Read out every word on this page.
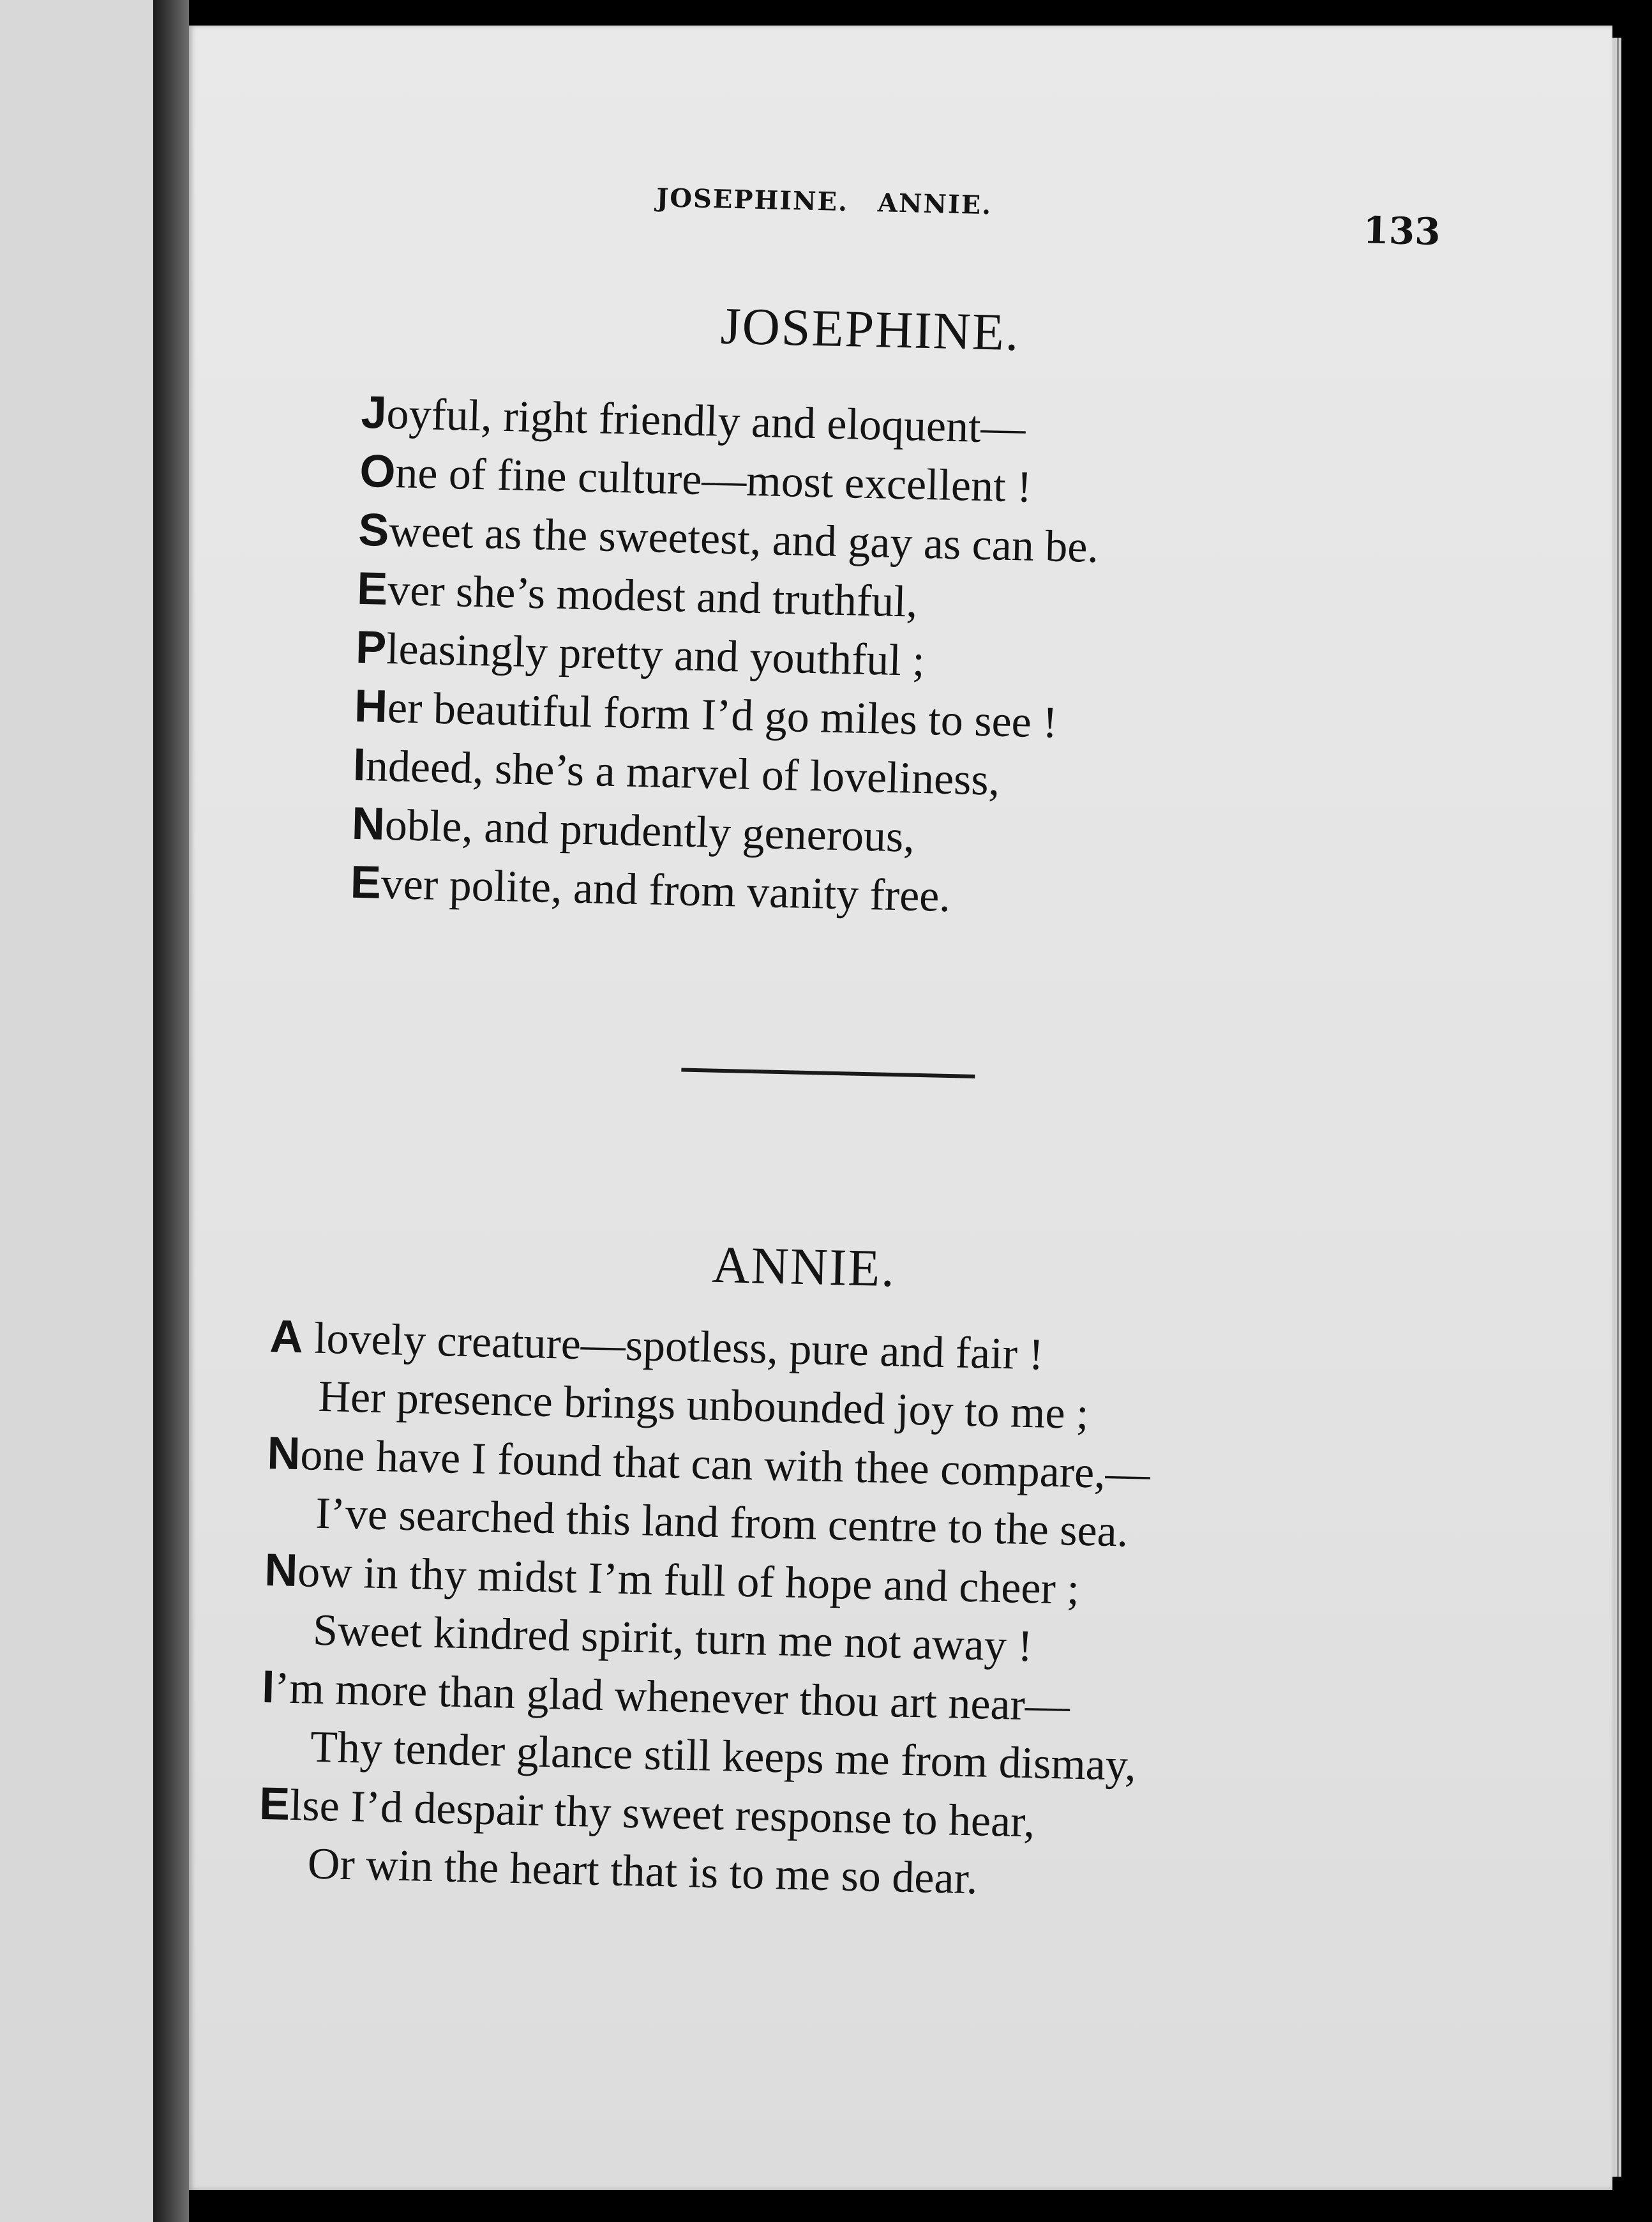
JOSEPHINE. ANNIE.
133
JOSEPHINE.
Joyful, right friendly and eloquent—
One of fine culture—most excellent !
Sweet as the sweetest, and gay as can be.
Ever she’s modest and truthful,
Pleasingly pretty and youthful ;
Her beautiful form I’d go miles to see !
Indeed, she’s a marvel of loveliness,
Noble, and prudently generous,
Ever polite, and from vanity free.
ANNIE.
A lovely creature—spotless, pure and fair !
Her presence brings unbounded joy to me ;
None have I found that can with thee compare,—
I’ve searched this land from centre to the sea.
Now in thy midst I’m full of hope and cheer ;
Sweet kindred spirit, turn me not away !
I’m more than glad whenever thou art near—
Thy tender glance still keeps me from dismay,
Else I’d despair thy sweet response to hear,
Or win the heart that is to me so dear.
